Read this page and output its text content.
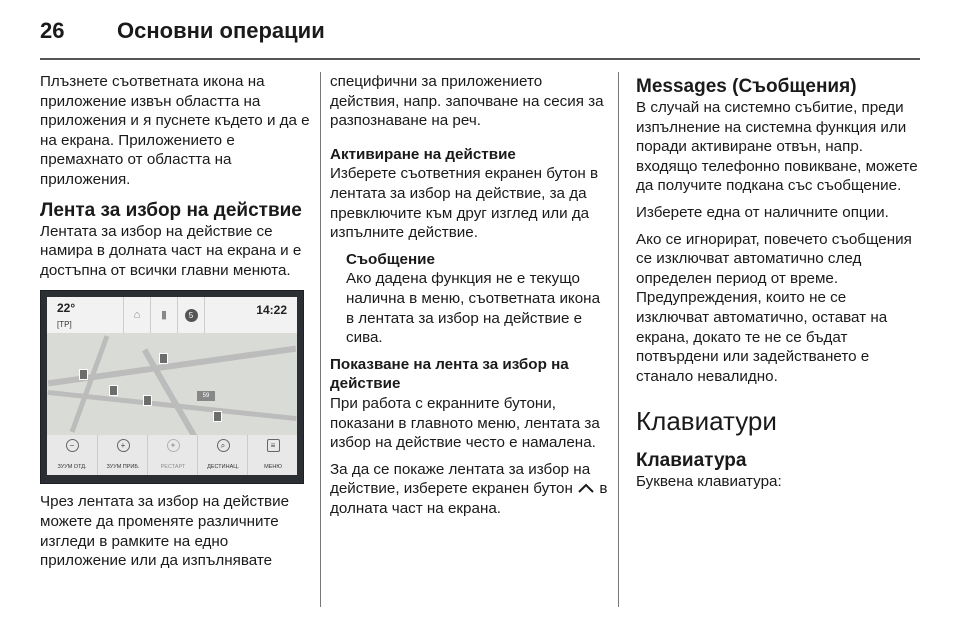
26 Основни операции

Плъзнете съответната икона на приложение извън областта на приложения и я пуснете където и да е на екрана. Приложението е премахнато от областта на приложения.

Лента за избор на действие

Лентата за избор на действие се намира в долната част на екрана и е достъпна от всички главни менюта.

22°
[TP]
⌂	▮	5	14:22
59
−
ЗУУМ ОТД.
+
ЗУУМ ПРИБ.
✦
РЕСТАРТ
⌕
ДЕСТИНАЦ.
≡
МЕНЮ

Чрез лентата за избор на действие можете да променяте различните изгледи в рамките на едно приложение или да изпълнявате

специфични за приложението действия, напр. започване на сесия за разпознаване на реч.

Активиране на действие

Изберете съответния екранен бутон в лентата за избор на действие, за да превключите към друг изглед или да изпълните действие.

Съобщение
Ако дадена функция не е текущо налична в меню, съответната икона в лентата за избор на действие е сива.
Показване на лента за избор на действие

При работа с екранните бутони, показани в главното меню, лентата за избор на действие често е намалена.

За да се покаже лентата за избор на действие, изберете екранен бутон в долната част на екрана.

Messages (Съобщения)

В случай на системно събитие, преди изпълнение на системна функция или поради активиране отвън, напр. входящо телефонно повикване, можете да получите подкана със съобщение.

Изберете една от наличните опции.

Ако се игнорират, повечето съобщения се изключват автоматично след определен период от време. Предупреждения, които не се изключват автоматично, остават на екрана, докато те не се бъдат потвърдени или задействането е станало невалидно.

Клавиатури
Клавиатура

Буквена клавиатура:
